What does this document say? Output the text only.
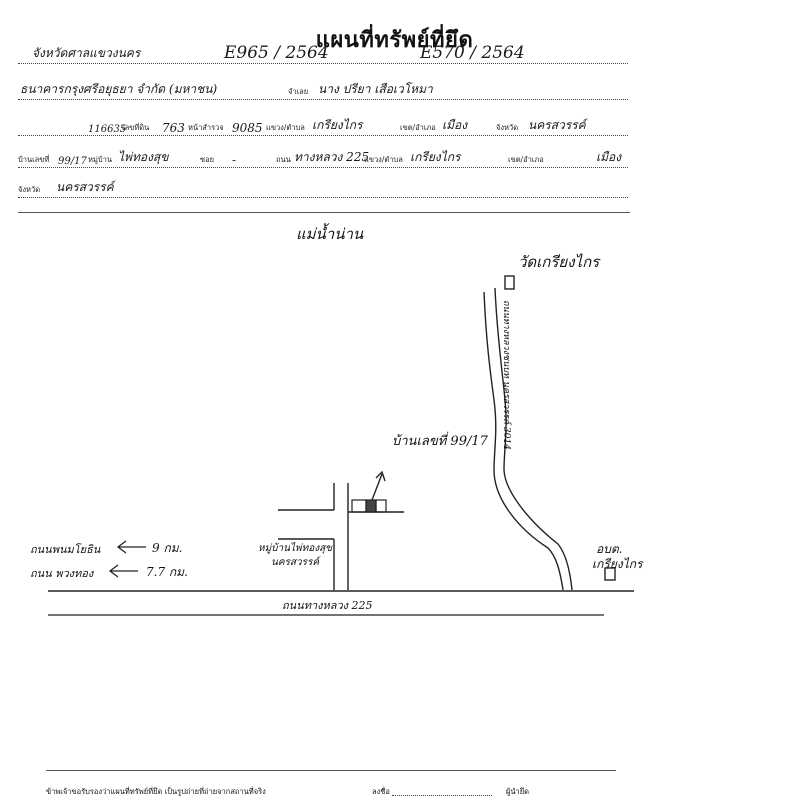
แผนที่ทรัพย์ที่ยึด
จังหวัดศาลแขวงนคร	E965 / 2564	E570 / 2564
ธนาคารกรุงศรีอยุธยา จำกัด (มหาชน)	จำเลย นาง ปรียา เสือเวโหมา
116635
เลขที่ดิน 763 หน้าสำรวจ 9085 แขวง/ตำบล เกรียงไกร	เขต/อำเภอ เมือง	จังหวัด นครสวรรค์
บ้านเลขที่ 99/17 หมู่บ้าน ไพ่ทองสุข	ซอย -	ถนน ทางหลวง 225
แขวง/ตำบล เกรียงไกร	เขต/อำเภอ	เมือง
จังหวัด นครสวรรค์
แม่น้ำน่าน
วัดเกรียงไกร
ถนนทางหลวงชนบท นครสวรรค์ 3014
บ้านเลขที่ 99/17
หมู่บ้านไพ่ทองสุข
นครสวรรค์
อบต.
เกรียงไกร
ถนนทางหลวง 225
ถนนพนมโยธิน	9 กม.
ถนน พวงทอง	7.7 กม.
ข้าพเจ้าขอรับรองว่าแผนที่ทรัพย์ที่ยึด เป็นรูปถ่ายที่ถ่ายจากสถานที่จริง	ลงชื่อ	ผู้นำยึด
